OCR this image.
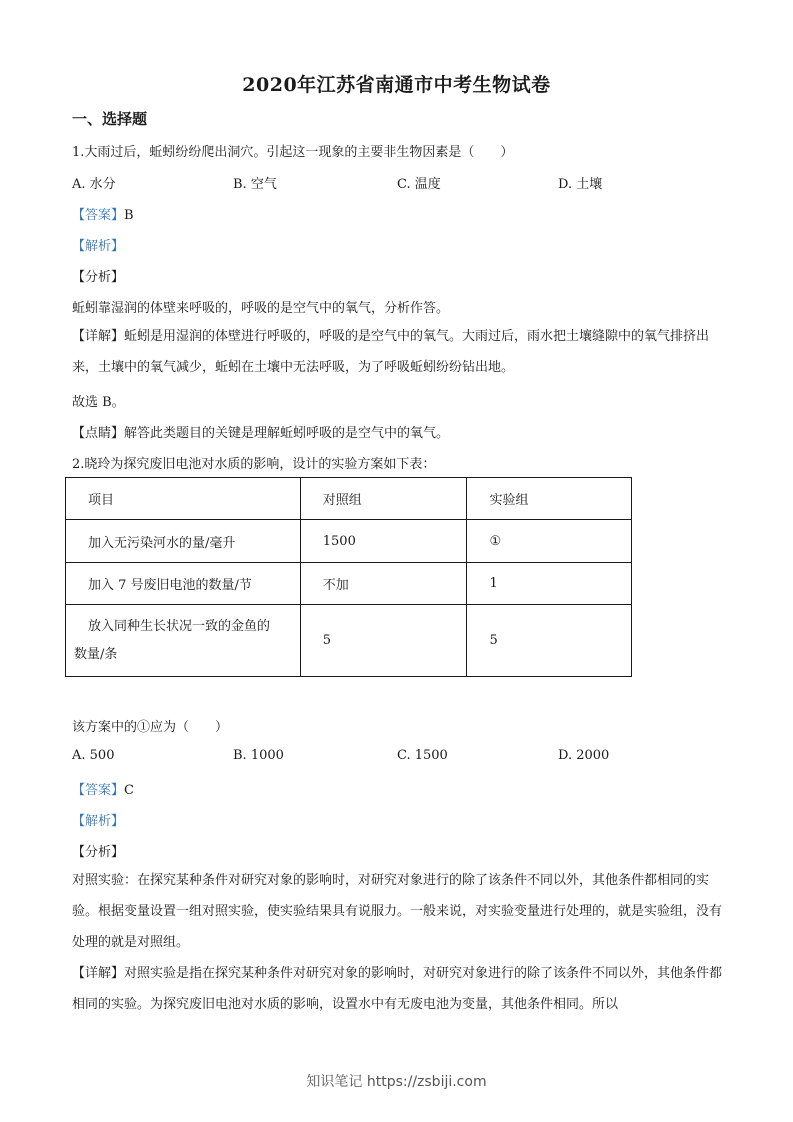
2020年江苏省南通市中考生物试卷
一、选择题
1.大雨过后，蚯蚓纷纷爬出洞穴。引起这一现象的主要非生物因素是（　　）
A. 水分	B. 空气	C. 温度	D. 土壤
【答案】B
【解析】
【分析】
蚯蚓靠湿润的体壁来呼吸的，呼吸的是空气中的氧气，分析作答。
【详解】蚯蚓是用湿润的体壁进行呼吸的，呼吸的是空气中的氧气。大雨过后，雨水把土壤缝隙中的氧气排挤出来，土壤中的氧气减少，蚯蚓在土壤中无法呼吸，为了呼吸蚯蚓纷纷钻出地。
故选 B。
【点睛】解答此类题目的关键是理解蚯蚓呼吸的是空气中的氧气。
2.晓玲为探究废旧电池对水质的影响，设计的实验方案如下表：
项目	对照组	实验组
加入无污染河水的量/毫升	1500	①
加入 7 号废旧电池的数量/节	不加	1

放入同种生长状况一致的金鱼的数量/条	5	5
该方案中的①应为（　　）
A. 500	B. 1000	C. 1500	D. 2000
【答案】C
【解析】
【分析】
对照实验：在探究某种条件对研究对象的影响时，对研究对象进行的除了该条件不同以外，其他条件都相同的实验。根据变量设置一组对照实验，使实验结果具有说服力。一般来说，对实验变量进行处理的，就是实验组，没有处理的就是对照组。
【详解】对照实验是指在探究某种条件对研究对象的影响时，对研究对象进行的除了该条件不同以外，其他条件都相同的实验。为探究废旧电池对水质的影响，设置水中有无废电池为变量，其他条件相同。所以
知识笔记 https://zsbiji.com
